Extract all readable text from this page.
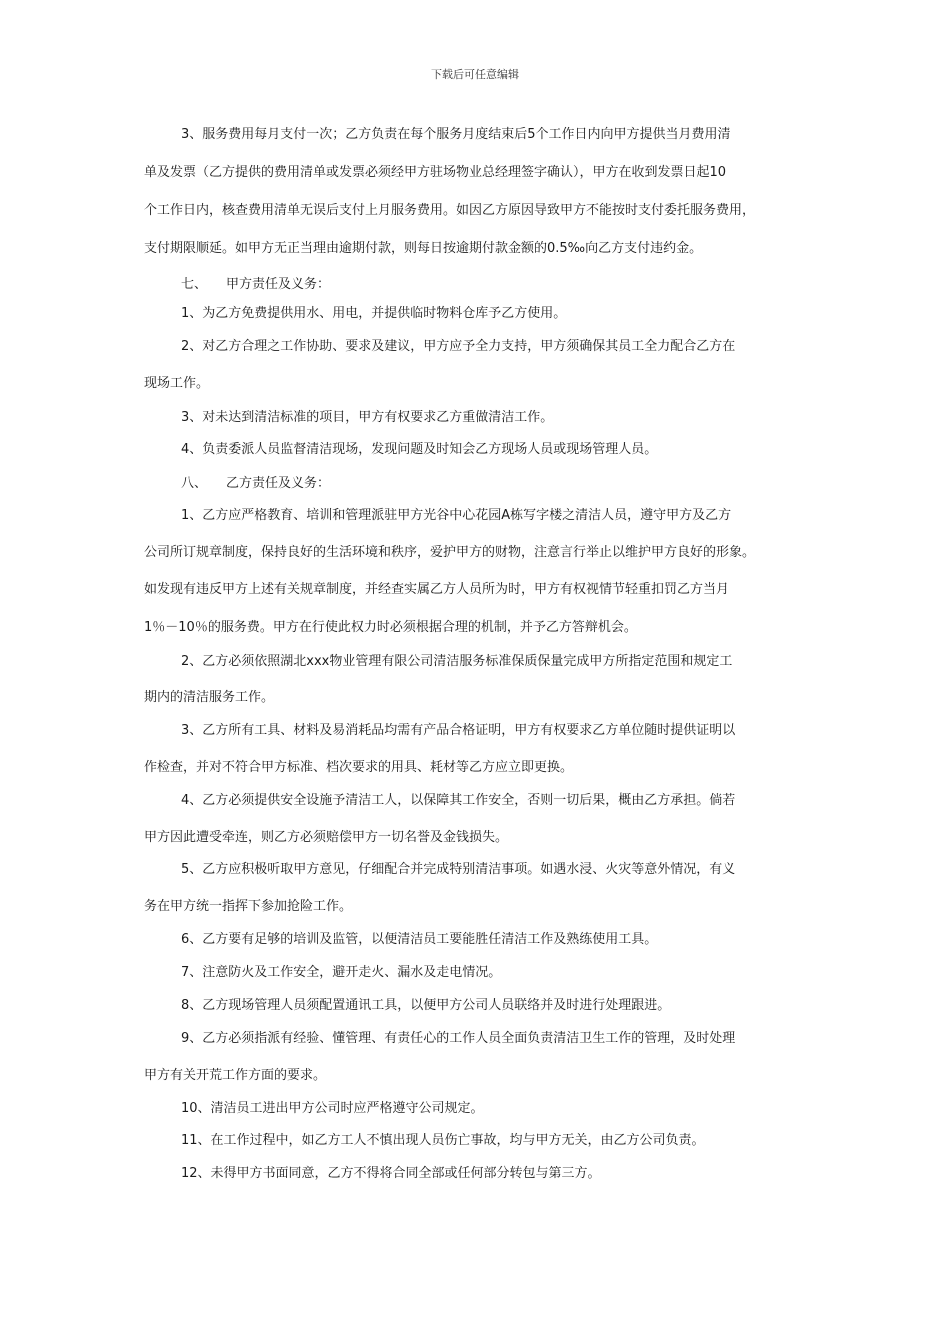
下载后可任意编辑
3、服务费用每月支付一次；乙方负责在每个服务月度结束后5个工作日内向甲方提供当月费用清
单及发票（乙方提供的费用清单或发票必须经甲方驻场物业总经理签字确认），甲方在收到发票日起10
个工作日内，核查费用清单无误后支付上月服务费用。如因乙方原因导致甲方不能按时支付委托服务费用，
支付期限顺延。如甲方无正当理由逾期付款，则每日按逾期付款金额的0.5‰向乙方支付违约金。
七、 甲方责任及义务：
1、为乙方免费提供用水、用电，并提供临时物料仓库予乙方使用。
2、对乙方合理之工作协助、要求及建议，甲方应予全力支持，甲方须确保其员工全力配合乙方在
现场工作。
3、对未达到清洁标准的项目，甲方有权要求乙方重做清洁工作。
4、负责委派人员监督清洁现场，发现问题及时知会乙方现场人员或现场管理人员。
八、 乙方责任及义务：
1、乙方应严格教育、培训和管理派驻甲方光谷中心花园A栋写字楼之清洁人员，遵守甲方及乙方
公司所订规章制度，保持良好的生活环境和秩序，爱护甲方的财物，注意言行举止以维护甲方良好的形象。
如发现有违反甲方上述有关规章制度，并经查实属乙方人员所为时，甲方有权视情节轻重扣罚乙方当月
1％－10％的服务费。甲方在行使此权力时必须根据合理的机制，并予乙方答辩机会。
2、乙方必须依照湖北xxx物业管理有限公司清洁服务标准保质保量完成甲方所指定范围和规定工
期内的清洁服务工作。
3、乙方所有工具、材料及易消耗品均需有产品合格证明，甲方有权要求乙方单位随时提供证明以
作检查，并对不符合甲方标准、档次要求的用具、耗材等乙方应立即更换。
4、乙方必须提供安全设施予清洁工人，以保障其工作安全，否则一切后果，概由乙方承担。倘若
甲方因此遭受牵连，则乙方必须赔偿甲方一切名誉及金钱损失。
5、乙方应积极听取甲方意见，仔细配合并完成特别清洁事项。如遇水浸、火灾等意外情况，有义
务在甲方统一指挥下参加抢险工作。
6、乙方要有足够的培训及监管，以便清洁员工要能胜任清洁工作及熟练使用工具。
7、注意防火及工作安全，避开走火、漏水及走电情况。
8、乙方现场管理人员须配置通讯工具，以便甲方公司人员联络并及时进行处理跟进。
9、乙方必须指派有经验、懂管理、有责任心的工作人员全面负责清洁卫生工作的管理，及时处理
甲方有关开荒工作方面的要求。
10、清洁员工进出甲方公司时应严格遵守公司规定。
11、在工作过程中，如乙方工人不慎出现人员伤亡事故，均与甲方无关，由乙方公司负责。
12、未得甲方书面同意，乙方不得将合同全部或任何部分转包与第三方。
